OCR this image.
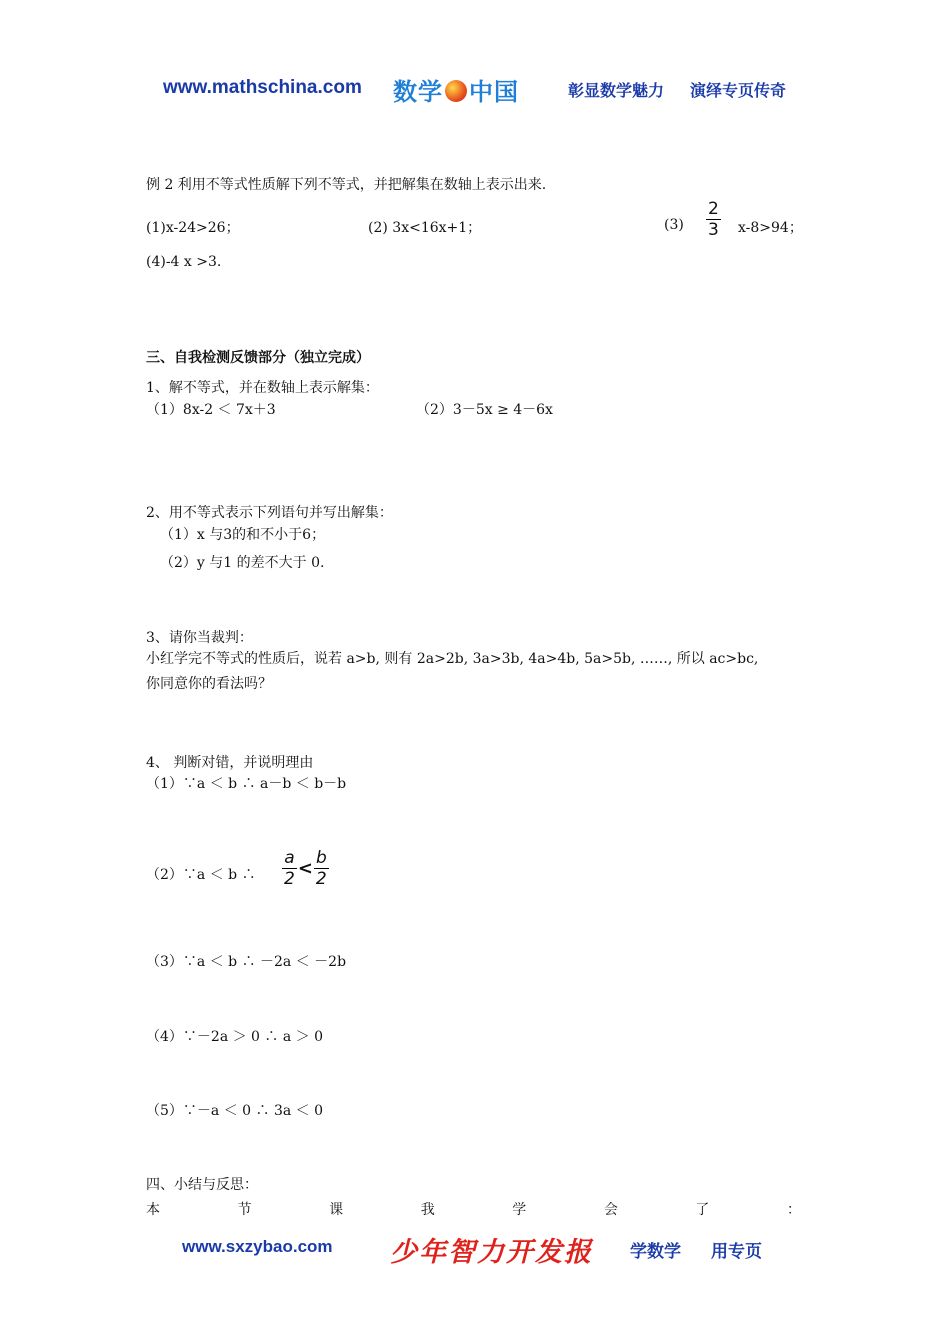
www.mathschina.com 数学 中国	彰显数学魅力 演绎专页传奇
例 2 利用不等式性质解下列不等式，并把解集在数轴上表示出来.
(1)x-24>26；	(2) 3x<16x+1；	$(3) \frac{2}{3} x-8>94$；
(4)-4 x >3.
三、自我检测反馈部分（独立完成）
1、解不等式，并在数轴上表示解集：
（1）8x-2 ＜ 7x＋3	（2）3－5x ≥ 4－6x
2、用不等式表示下列语句并写出解集：
（1）x 与3的和不小于6；
（2）y 与1 的差不大于 0.
3、请你当裁判：
小红学完不等式的性质后，说若 a>b, 则有 2a>2b, 3a>3b, 4a>4b, 5a>5b, ……, 所以 ac>bc,
你同意你的看法吗？
4、 判断对错，并说明理由
（1）∵a ＜ b ∴ a－b ＜ b－b
（2）∵a ＜ b ∴ $\frac{a}{2} < \frac{b}{2}$
（3）∵a ＜ b ∴ －2a ＜ －2b
（4）∵－2a ＞ 0 ∴ a ＞ 0
（5）∵－a ＜ 0 ∴ 3a ＜ 0
四、小结与反思：
本	节	课	我	学	会	了	：
www.sxzybao.com 少年智力开发报 学数学 用专页
